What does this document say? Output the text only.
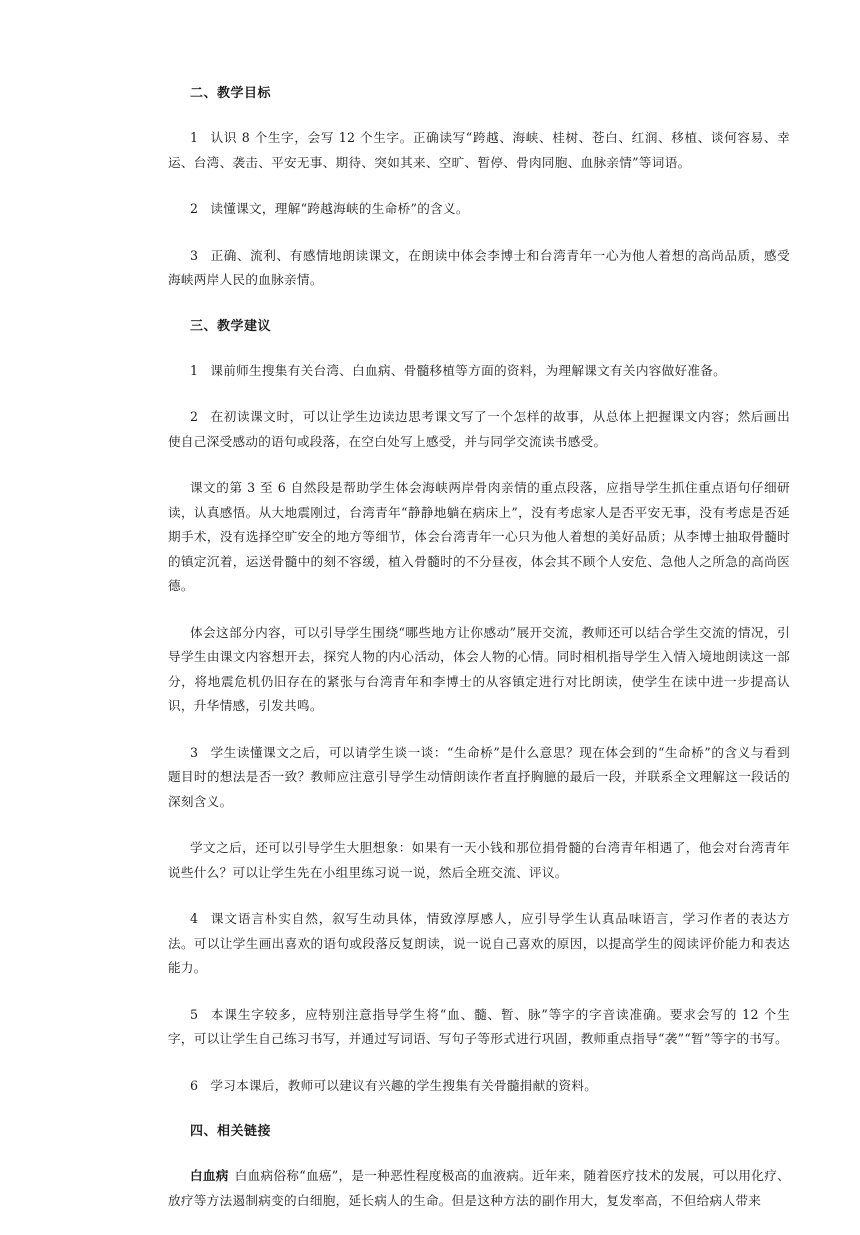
二、教学目标

1 认识 8 个生字，会写 12 个生字。正确读写“跨越、海峡、桂树、苍白、红润、移植、谈何容易、幸运、台湾、袭击、平安无事、期待、突如其来、空旷、暂停、骨肉同胞、血脉亲情”等词语。

2 读懂课文，理解“跨越海峡的生命桥”的含义。

3 正确、流利、有感情地朗读课文，在朗读中体会李博士和台湾青年一心为他人着想的高尚品质，感受海峡两岸人民的血脉亲情。

三、教学建议

1 课前师生搜集有关台湾、白血病、骨髓移植等方面的资料，为理解课文有关内容做好准备。

2 在初读课文时，可以让学生边读边思考课文写了一个怎样的故事，从总体上把握课文内容；然后画出使自己深受感动的语句或段落，在空白处写上感受，并与同学交流读书感受。

课文的第 3 至 6 自然段是帮助学生体会海峡两岸骨肉亲情的重点段落，应指导学生抓住重点语句仔细研读，认真感悟。从大地震刚过，台湾青年“静静地躺在病床上”，没有考虑家人是否平安无事，没有考虑是否延期手术，没有选择空旷安全的地方等细节，体会台湾青年一心只为他人着想的美好品质；从李博士抽取骨髓时的镇定沉着，运送骨髓中的刻不容缓，植入骨髓时的不分昼夜，体会其不顾个人安危、急他人之所急的高尚医德。

体会这部分内容，可以引导学生围绕“哪些地方让你感动”展开交流，教师还可以结合学生交流的情况，引导学生由课文内容想开去，探究人物的内心活动，体会人物的心情。同时相机指导学生入情入境地朗读这一部分，将地震危机仍旧存在的紧张与台湾青年和李博士的从容镇定进行对比朗读，使学生在读中进一步提高认识，升华情感，引发共鸣。

3 学生读懂课文之后，可以请学生谈一谈：“生命桥”是什么意思？现在体会到的“生命桥”的含义与看到题目时的想法是否一致？教师应注意引导学生动情朗读作者直抒胸臆的最后一段，并联系全文理解这一段话的深刻含义。

学文之后，还可以引导学生大胆想象：如果有一天小钱和那位捐骨髓的台湾青年相遇了，他会对台湾青年说些什么？可以让学生先在小组里练习说一说，然后全班交流、评议。

4 课文语言朴实自然，叙写生动具体，情致淳厚感人，应引导学生认真品味语言，学习作者的表达方法。可以让学生画出喜欢的语句或段落反复朗读，说一说自己喜欢的原因，以提高学生的阅读评价能力和表达能力。

5 本课生字较多，应特别注意指导学生将“血、髓、暂、脉”等字的字音读准确。要求会写的 12 个生字，可以让学生自己练习书写，并通过写词语、写句子等形式进行巩固，教师重点指导“袭”“暂”等字的书写。

6 学习本课后，教师可以建议有兴趣的学生搜集有关骨髓捐献的资料。

四、相关链接

白血病 白血病俗称“血癌”，是一种恶性程度极高的血液病。近年来，随着医疗技术的发展，可以用化疗、放疗等方法遏制病变的白细胞，延长病人的生命。但是这种方法的副作用大，复发率高，不但给病人带来
